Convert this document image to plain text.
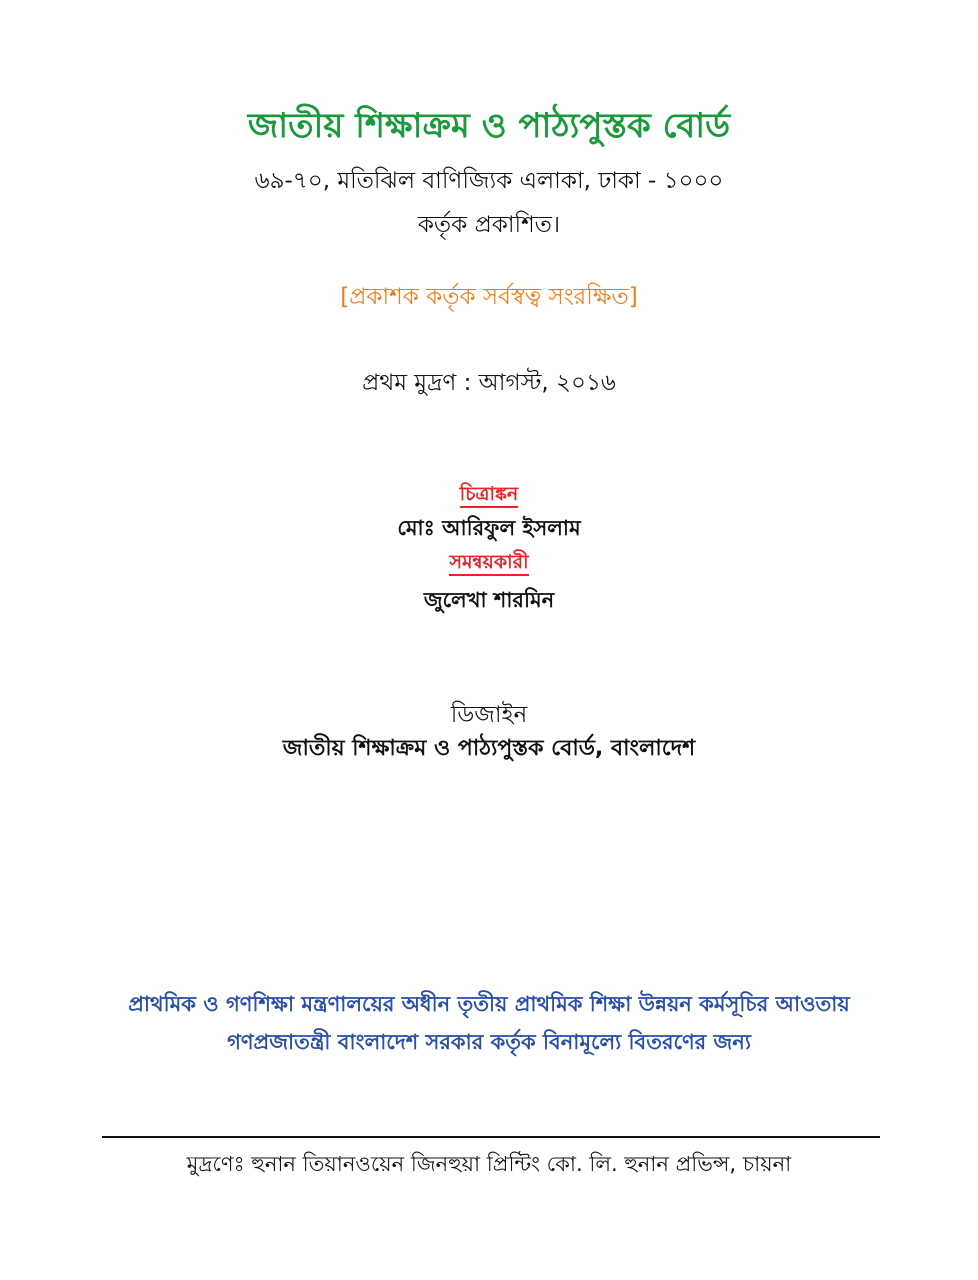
জাতীয় শিক্ষাক্রম ও পাঠ্যপুস্তক বোর্ড
৬৯-৭০, মতিঝিল বাণিজ্যিক এলাকা, ঢাকা - ১০০০
কর্তৃক প্রকাশিত।
[প্রকাশক কর্তৃক সর্বস্বত্ব সংরক্ষিত]
প্রথম মুদ্রণ : আগস্ট, ২০১৬
চিত্রাঙ্কন
মোঃ আরিফুল ইসলাম
সমন্বয়কারী
জুলেখা শারমিন
ডিজাইন
জাতীয় শিক্ষাক্রম ও পাঠ্যপুস্তক বোর্ড, বাংলাদেশ
প্রাথমিক ও গণশিক্ষা মন্ত্রণালয়ের অধীন তৃতীয় প্রাথমিক শিক্ষা উন্নয়ন কর্মসূচির আওতায়
গণপ্রজাতন্ত্রী বাংলাদেশ সরকার কর্তৃক বিনামূল্যে বিতরণের জন্য
মুদ্রণেঃ হুনান তিয়ানওয়েন জিনহুয়া প্রিন্টিং কো. লি. হুনান প্রভিন্স, চায়না
